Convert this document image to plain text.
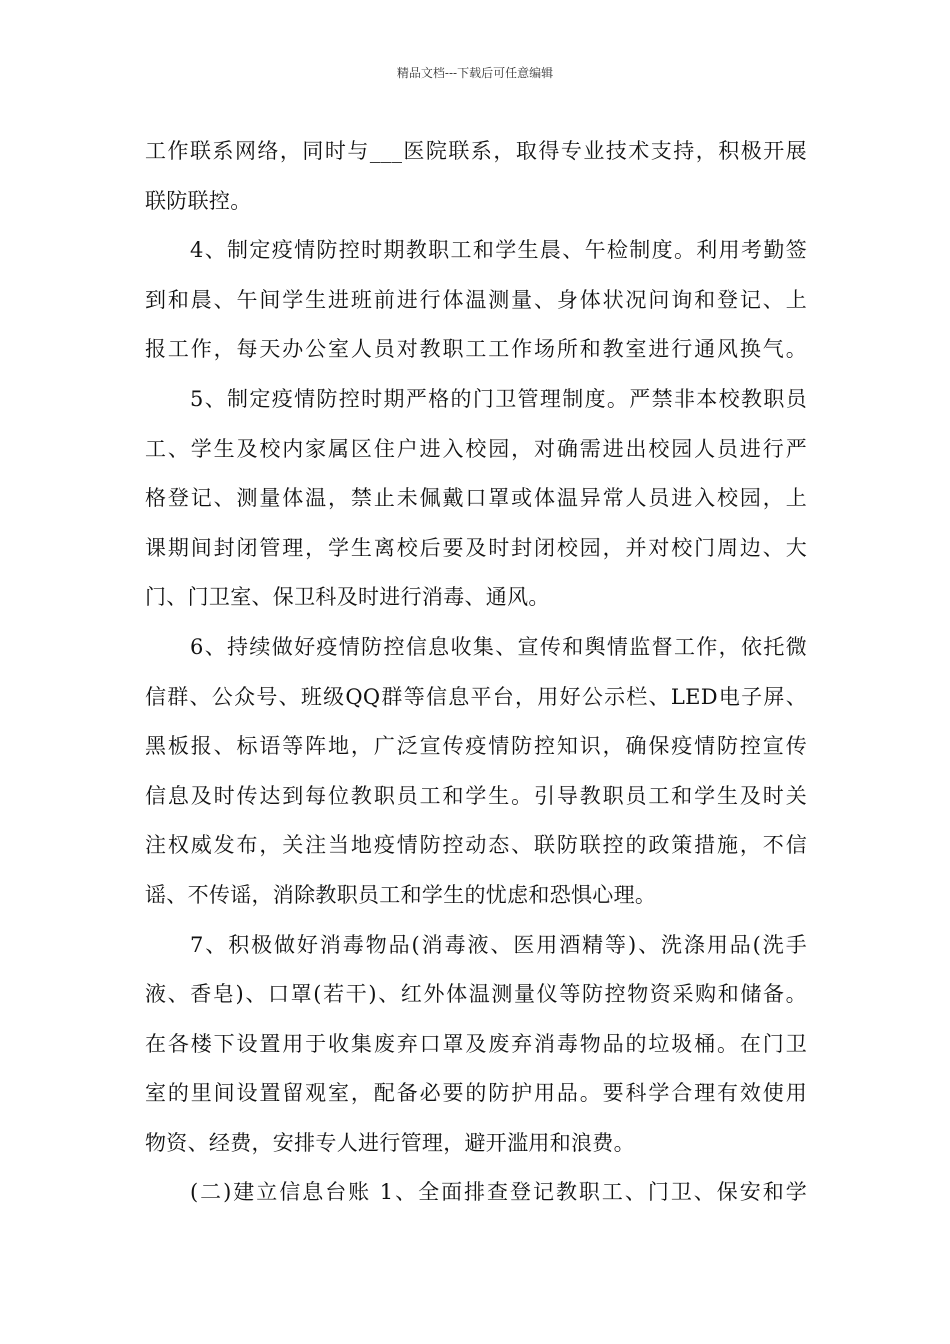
精品文档---下载后可任意编辑
工作联系网络，同时与___医院联系，取得专业技术支持，积极开展
联防联控。
4、制定疫情防控时期教职工和学生晨、午检制度。利用考勤签
到和晨、午间学生进班前进行体温测量、身体状况问询和登记、上
报工作，每天办公室人员对教职工工作场所和教室进行通风换气。
5、制定疫情防控时期严格的门卫管理制度。严禁非本校教职员
工、学生及校内家属区住户进入校园，对确需进出校园人员进行严
格登记、测量体温，禁止未佩戴口罩或体温异常人员进入校园，上
课期间封闭管理，学生离校后要及时封闭校园，并对校门周边、大
门、门卫室、保卫科及时进行消毒、通风。
6、持续做好疫情防控信息收集、宣传和舆情监督工作，依托微
信群、公众号、班级QQ群等信息平台，用好公示栏、LED电子屏、
黑板报、标语等阵地，广泛宣传疫情防控知识，确保疫情防控宣传
信息及时传达到每位教职员工和学生。引导教职员工和学生及时关
注权威发布，关注当地疫情防控动态、联防联控的政策措施，不信
谣、不传谣，消除教职员工和学生的忧虑和恐惧心理。
7、积极做好消毒物品(消毒液、医用酒精等)、洗涤用品(洗手
液、香皂)、口罩(若干)、红外体温测量仪等防控物资采购和储备。
在各楼下设置用于收集废弃口罩及废弃消毒物品的垃圾桶。在门卫
室的里间设置留观室，配备必要的防护用品。要科学合理有效使用
物资、经费，安排专人进行管理，避开滥用和浪费。
(二)建立信息台账 1、全面排查登记教职工、门卫、保安和学
